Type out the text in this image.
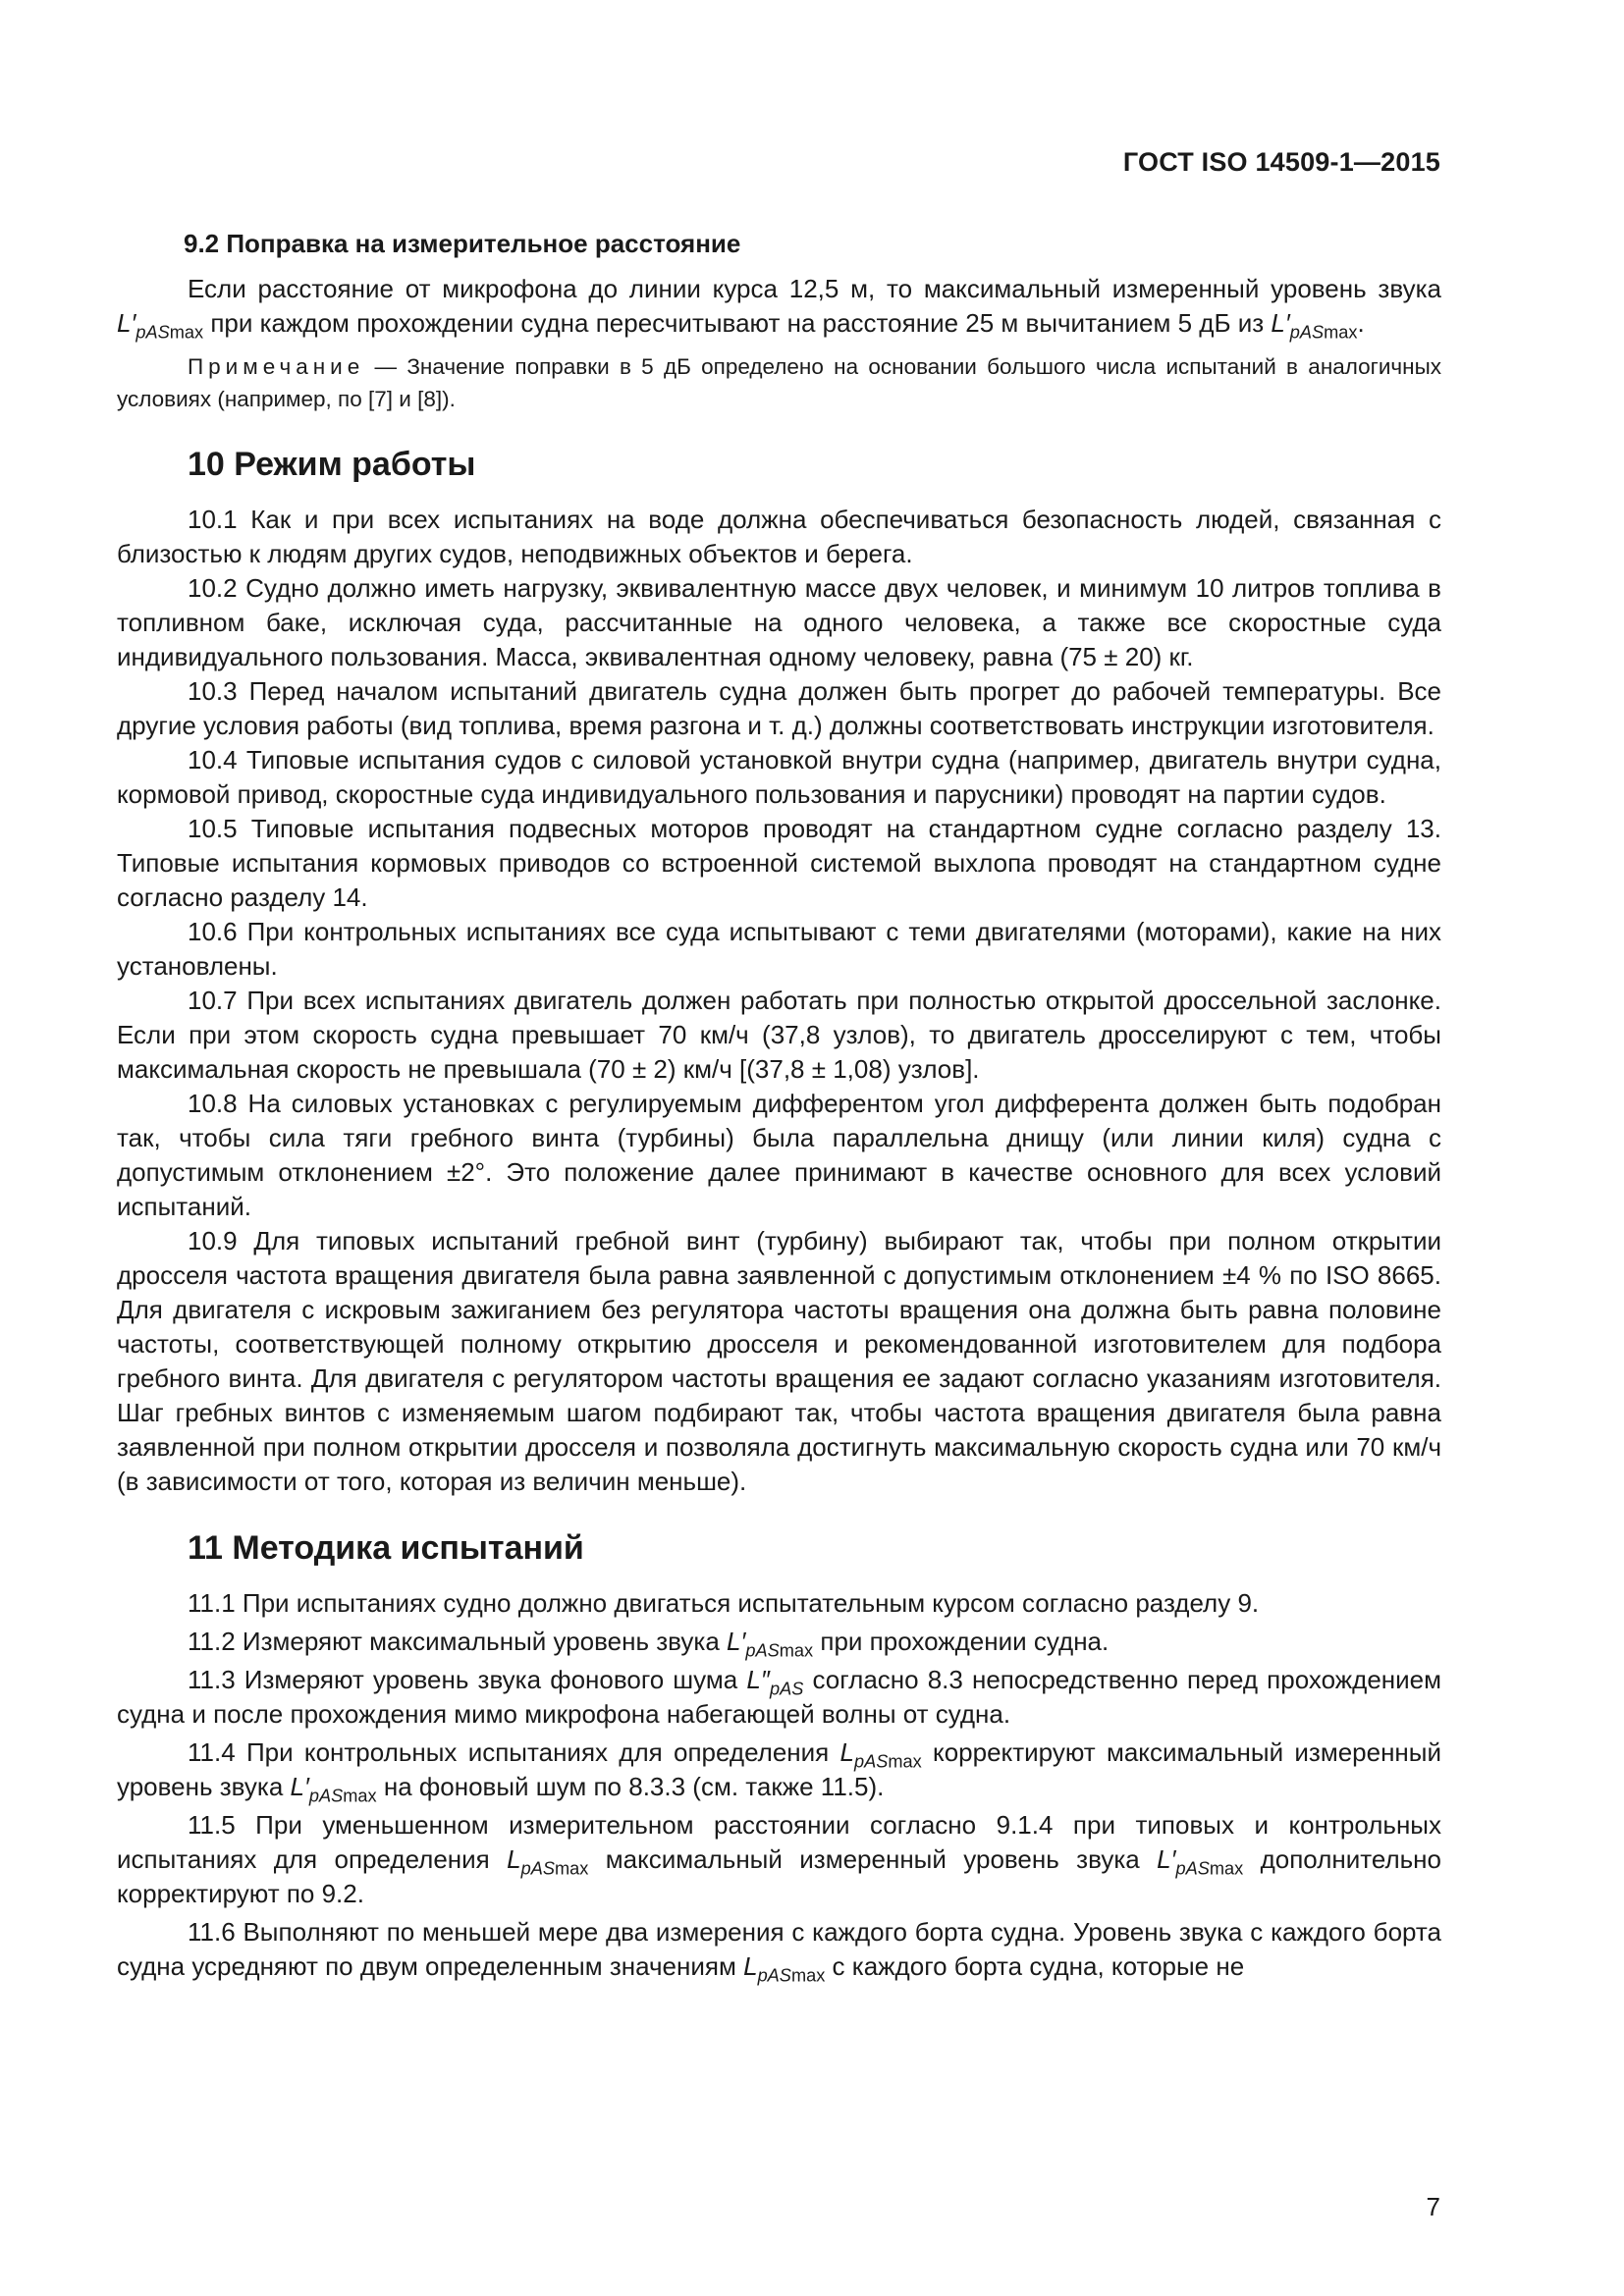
ГОСТ ISO 14509-1—2015
9.2 Поправка на измерительное расстояние

Если расстояние от микрофона до линии курса 12,5 м, то максимальный измеренный уровень звука $L'_{pASmax}$ при каждом прохождении судна пересчитывают на расстояние 25 м вычитанием 5 дБ из $L'_{pASmax}$.

Примечание — Значение поправки в 5 дБ определено на основании большого числа испытаний в аналогичных условиях (например, по [7] и [8]).
10 Режим работы

10.1 Как и при всех испытаниях на воде должна обеспечиваться безопасность людей, связанная с близостью к людям других судов, неподвижных объектов и берега.

10.2 Судно должно иметь нагрузку, эквивалентную массе двух человек, и минимум 10 литров топлива в топливном баке, исключая суда, рассчитанные на одного человека, а также все скоростные суда индивидуального пользования. Масса, эквивалентная одному человеку, равна (75 ± 20) кг.

10.3 Перед началом испытаний двигатель судна должен быть прогрет до рабочей температуры. Все другие условия работы (вид топлива, время разгона и т. д.) должны соответствовать инструкции изготовителя.

10.4 Типовые испытания судов с силовой установкой внутри судна (например, двигатель внутри судна, кормовой привод, скоростные суда индивидуального пользования и парусники) проводят на партии судов.

10.5 Типовые испытания подвесных моторов проводят на стандартном судне согласно разделу 13. Типовые испытания кормовых приводов со встроенной системой выхлопа проводят на стандартном судне согласно разделу 14.

10.6 При контрольных испытаниях все суда испытывают с теми двигателями (моторами), какие на них установлены.

10.7 При всех испытаниях двигатель должен работать при полностью открытой дроссельной заслонке. Если при этом скорость судна превышает 70 км/ч (37,8 узлов), то двигатель дросселируют с тем, чтобы максимальная скорость не превышала (70 ± 2) км/ч [(37,8 ± 1,08) узлов].

10.8 На силовых установках с регулируемым дифферентом угол дифферента должен быть подобран так, чтобы сила тяги гребного винта (турбины) была параллельна днищу (или линии киля) судна с допустимым отклонением ±2°. Это положение далее принимают в качестве основного для всех условий испытаний.

10.9 Для типовых испытаний гребной винт (турбину) выбирают так, чтобы при полном открытии дросселя частота вращения двигателя была равна заявленной с допустимым отклонением ±4 % по ISO 8665. Для двигателя с искровым зажиганием без регулятора частоты вращения она должна быть равна половине частоты, соответствующей полному открытию дросселя и рекомендованной изготовителем для подбора гребного винта. Для двигателя с регулятором частоты вращения ее задают согласно указаниям изготовителя. Шаг гребных винтов с изменяемым шагом подбирают так, чтобы частота вращения двигателя была равна заявленной при полном открытии дросселя и позволяла достигнуть максимальную скорость судна или 70 км/ч (в зависимости от того, которая из величин меньше).

11 Методика испытаний

11.1 При испытаниях судно должно двигаться испытательным курсом согласно разделу 9.

11.2 Измеряют максимальный уровень звука $L'_{pASmax}$ при прохождении судна.

11.3 Измеряют уровень звука фонового шума $L''_{pAS}$ согласно 8.3 непосредственно перед прохождением судна и после прохождения мимо микрофона набегающей волны от судна.

11.4 При контрольных испытаниях для определения $L_{pASmax}$ корректируют максимальный измеренный уровень звука $L'_{pASmax}$ на фоновый шум по 8.3.3 (см. также 11.5).

11.5 При уменьшенном измерительном расстоянии согласно 9.1.4 при типовых и контрольных испытаниях для определения $L_{pASmax}$ максимальный измеренный уровень звука $L'_{pASmax}$ дополнительно корректируют по 9.2.

11.6 Выполняют по меньшей мере два измерения с каждого борта судна. Уровень звука с каждого борта судна усредняют по двум определенным значениям $L_{pASmax}$ с каждого борта судна, которые не

7
